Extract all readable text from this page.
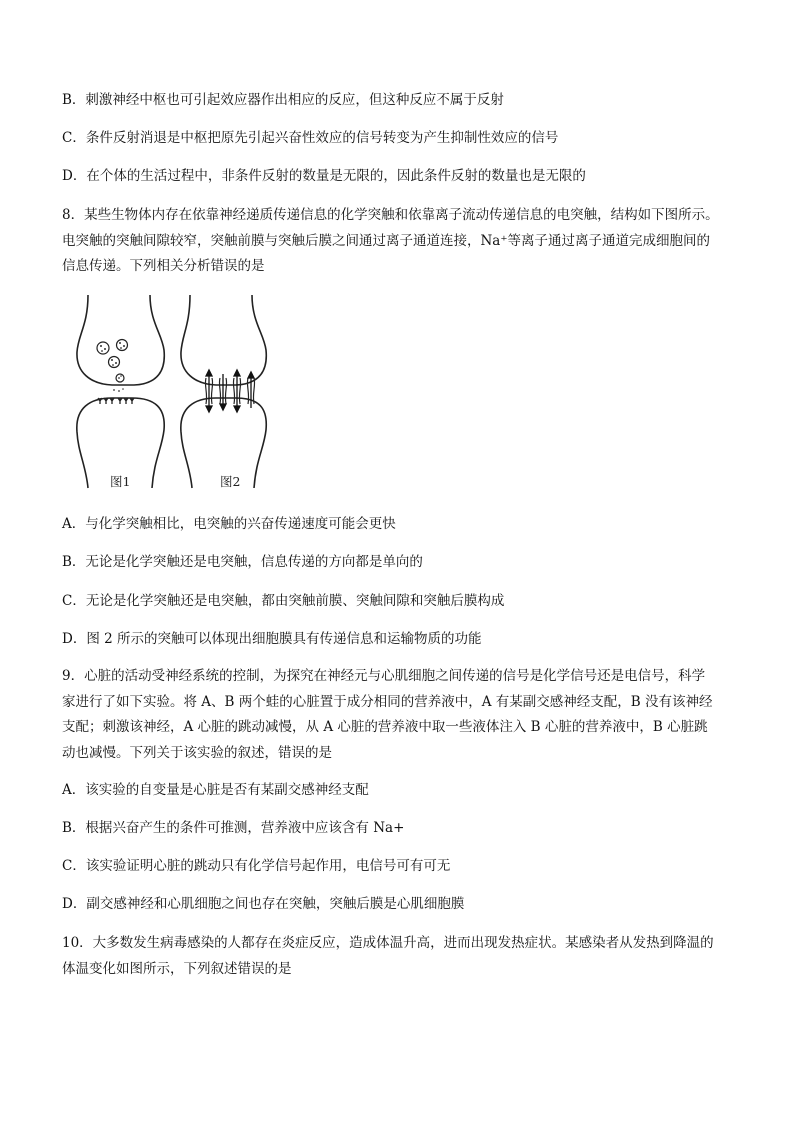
B．刺激神经中枢也可引起效应器作出相应的反应，但这种反应不属于反射
C．条件反射消退是中枢把原先引起兴奋性效应的信号转变为产生抑制性效应的信号
D．在个体的生活过程中，非条件反射的数量是无限的，因此条件反射的数量也是无限的
8．某些生物体内存在依靠神经递质传递信息的化学突触和依靠离子流动传递信息的电突触，结构如下图所示。
电突触的突触间隙较窄，突触前膜与突触后膜之间通过离子通道连接，Na⁺等离子通过离子通道完成细胞间的
信息传递。下列相关分析错误的是
图1	图2
A．与化学突触相比，电突触的兴奋传递速度可能会更快
B．无论是化学突触还是电突触，信息传递的方向都是单向的
C．无论是化学突触还是电突触，都由突触前膜、突触间隙和突触后膜构成
D．图 2 所示的突触可以体现出细胞膜具有传递信息和运输物质的功能
9．心脏的活动受神经系统的控制，为探究在神经元与心肌细胞之间传递的信号是化学信号还是电信号，科学
家进行了如下实验。将 A、B 两个蛙的心脏置于成分相同的营养液中，A 有某副交感神经支配，B 没有该神经
支配；刺激该神经，A 心脏的跳动减慢，从 A 心脏的营养液中取一些液体注入 B 心脏的营养液中，B 心脏跳
动也减慢。下列关于该实验的叙述，错误的是
A．该实验的自变量是心脏是否有某副交感神经支配
B．根据兴奋产生的条件可推测，营养液中应该含有 Na+
C．该实验证明心脏的跳动只有化学信号起作用，电信号可有可无
D．副交感神经和心肌细胞之间也存在突触，突触后膜是心肌细胞膜
10．大多数发生病毒感染的人都存在炎症反应，造成体温升高，进而出现发热症状。某感染者从发热到降温的
体温变化如图所示，下列叙述错误的是
